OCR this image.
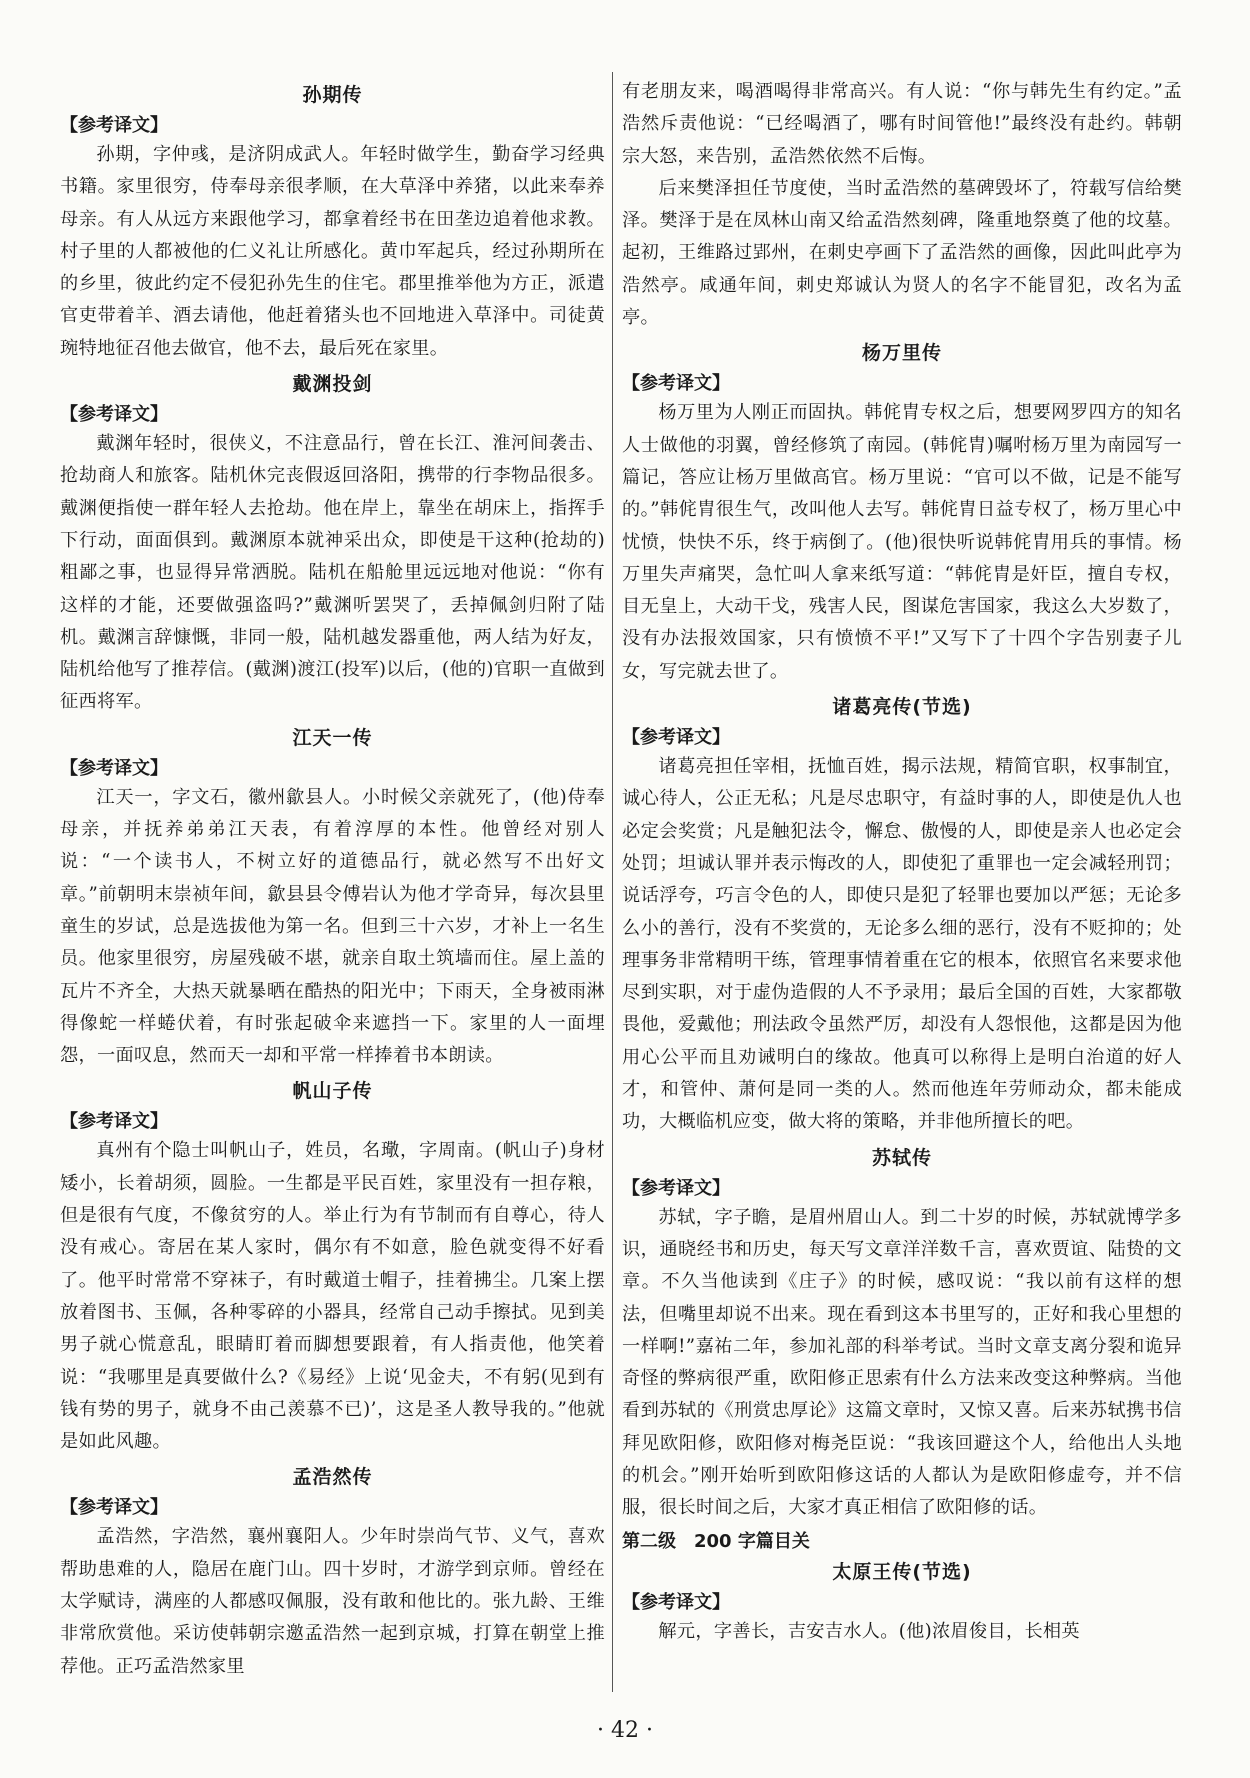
孙期传
【参考译文】

孙期，字仲彧，是济阴成武人。年轻时做学生，勤奋学习经典书籍。家里很穷，侍奉母亲很孝顺，在大草泽中养猪，以此来奉养母亲。有人从远方来跟他学习，都拿着经书在田垄边追着他求教。村子里的人都被他的仁义礼让所感化。黄巾军起兵，经过孙期所在的乡里，彼此约定不侵犯孙先生的住宅。郡里推举他为方正，派遣官吏带着羊、酒去请他，他赶着猪头也不回地进入草泽中。司徒黄琬特地征召他去做官，他不去，最后死在家里。

戴渊投剑
【参考译文】

戴渊年轻时，很侠义，不注意品行，曾在长江、淮河间袭击、抢劫商人和旅客。陆机休完丧假返回洛阳，携带的行李物品很多。戴渊便指使一群年轻人去抢劫。他在岸上，靠坐在胡床上，指挥手下行动，面面俱到。戴渊原本就神采出众，即使是干这种(抢劫的)粗鄙之事，也显得异常洒脱。陆机在船舱里远远地对他说：“你有这样的才能，还要做强盗吗?”戴渊听罢哭了，丢掉佩剑归附了陆机。戴渊言辞慷慨，非同一般，陆机越发器重他，两人结为好友，陆机给他写了推荐信。(戴渊)渡江(投军)以后，(他的)官职一直做到征西将军。

江天一传
【参考译文】

江天一，字文石，徽州歙县人。小时候父亲就死了，(他)侍奉母亲，并抚养弟弟江天表，有着淳厚的本性。他曾经对别人说：“一个读书人，不树立好的道德品行，就必然写不出好文章。”前朝明末崇祯年间，歙县县令傅岩认为他才学奇异，每次县里童生的岁试，总是选拔他为第一名。但到三十六岁，才补上一名生员。他家里很穷，房屋残破不堪，就亲自取土筑墙而住。屋上盖的瓦片不齐全，大热天就暴晒在酷热的阳光中；下雨天，全身被雨淋得像蛇一样蜷伏着，有时张起破伞来遮挡一下。家里的人一面埋怨，一面叹息，然而天一却和平常一样捧着书本朗读。

帆山子传
【参考译文】

真州有个隐士叫帆山子，姓员，名璥，字周南。(帆山子)身材矮小，长着胡须，圆脸。一生都是平民百姓，家里没有一担存粮，但是很有气度，不像贫穷的人。举止行为有节制而有自尊心，待人没有戒心。寄居在某人家时，偶尔有不如意，脸色就变得不好看了。他平时常常不穿袜子，有时戴道士帽子，挂着拂尘。几案上摆放着图书、玉佩，各种零碎的小器具，经常自己动手擦拭。见到美男子就心慌意乱，眼睛盯着而脚想要跟着，有人指责他，他笑着说：“我哪里是真要做什么?《易经》上说‘见金夫，不有躬(见到有钱有势的男子，就身不由己羡慕不已)’，这是圣人教导我的。”他就是如此风趣。

孟浩然传
【参考译文】

孟浩然，字浩然，襄州襄阳人。少年时崇尚气节、义气，喜欢帮助患难的人，隐居在鹿门山。四十岁时，才游学到京师。曾经在太学赋诗，满座的人都感叹佩服，没有敢和他比的。张九龄、王维非常欣赏他。采访使韩朝宗邀孟浩然一起到京城，打算在朝堂上推荐他。正巧孟浩然家里

有老朋友来，喝酒喝得非常高兴。有人说：“你与韩先生有约定。”孟浩然斥责他说：“已经喝酒了，哪有时间管他!”最终没有赴约。韩朝宗大怒，来告别，孟浩然依然不后悔。

后来樊泽担任节度使，当时孟浩然的墓碑毁坏了，符载写信给樊泽。樊泽于是在凤林山南又给孟浩然刻碑，隆重地祭奠了他的坟墓。起初，王维路过郢州，在刺史亭画下了孟浩然的画像，因此叫此亭为浩然亭。咸通年间，刺史郑诚认为贤人的名字不能冒犯，改名为孟亭。

杨万里传
【参考译文】

杨万里为人刚正而固执。韩侂胄专权之后，想要网罗四方的知名人士做他的羽翼，曾经修筑了南园。(韩侂胄)嘱咐杨万里为南园写一篇记，答应让杨万里做高官。杨万里说：“官可以不做，记是不能写的。”韩侂胄很生气，改叫他人去写。韩侂胄日益专权了，杨万里心中忧愤，快快不乐，终于病倒了。(他)很快听说韩侂胄用兵的事情。杨万里失声痛哭，急忙叫人拿来纸写道：“韩侂胄是奸臣，擅自专权，目无皇上，大动干戈，残害人民，图谋危害国家，我这么大岁数了，没有办法报效国家，只有愤愤不平!”又写下了十四个字告别妻子儿女，写完就去世了。

诸葛亮传(节选)
【参考译文】

诸葛亮担任宰相，抚恤百姓，揭示法规，精简官职，权事制宜，诚心待人，公正无私；凡是尽忠职守，有益时事的人，即使是仇人也必定会奖赏；凡是触犯法令，懈怠、傲慢的人，即使是亲人也必定会处罚；坦诚认罪并表示悔改的人，即使犯了重罪也一定会减轻刑罚；说话浮夸，巧言令色的人，即使只是犯了轻罪也要加以严惩；无论多么小的善行，没有不奖赏的，无论多么细的恶行，没有不贬抑的；处理事务非常精明干练，管理事情着重在它的根本，依照官名来要求他尽到实职，对于虚伪造假的人不予录用；最后全国的百姓，大家都敬畏他，爱戴他；刑法政令虽然严厉，却没有人怨恨他，这都是因为他用心公平而且劝诫明白的缘故。他真可以称得上是明白治道的好人才，和管仲、萧何是同一类的人。然而他连年劳师动众，都未能成功，大概临机应变，做大将的策略，并非他所擅长的吧。

苏轼传
【参考译文】

苏轼，字子瞻，是眉州眉山人。到二十岁的时候，苏轼就博学多识，通晓经书和历史，每天写文章洋洋数千言，喜欢贾谊、陆贽的文章。不久当他读到《庄子》的时候，感叹说：“我以前有这样的想法，但嘴里却说不出来。现在看到这本书里写的，正好和我心里想的一样啊!”嘉祐二年，参加礼部的科举考试。当时文章支离分裂和诡异奇怪的弊病很严重，欧阳修正思索有什么方法来改变这种弊病。当他看到苏轼的《刑赏忠厚论》这篇文章时，又惊又喜。后来苏轼携书信拜见欧阳修，欧阳修对梅尧臣说：“我该回避这个人，给他出人头地的机会。”刚开始听到欧阳修这话的人都认为是欧阳修虚夸，并不信服，很长时间之后，大家才真正相信了欧阳修的话。

第二级　200 字篇目关
太原王传(节选)
【参考译文】

解元，字善长，吉安吉水人。(他)浓眉俊目，长相英

· 42 ·
